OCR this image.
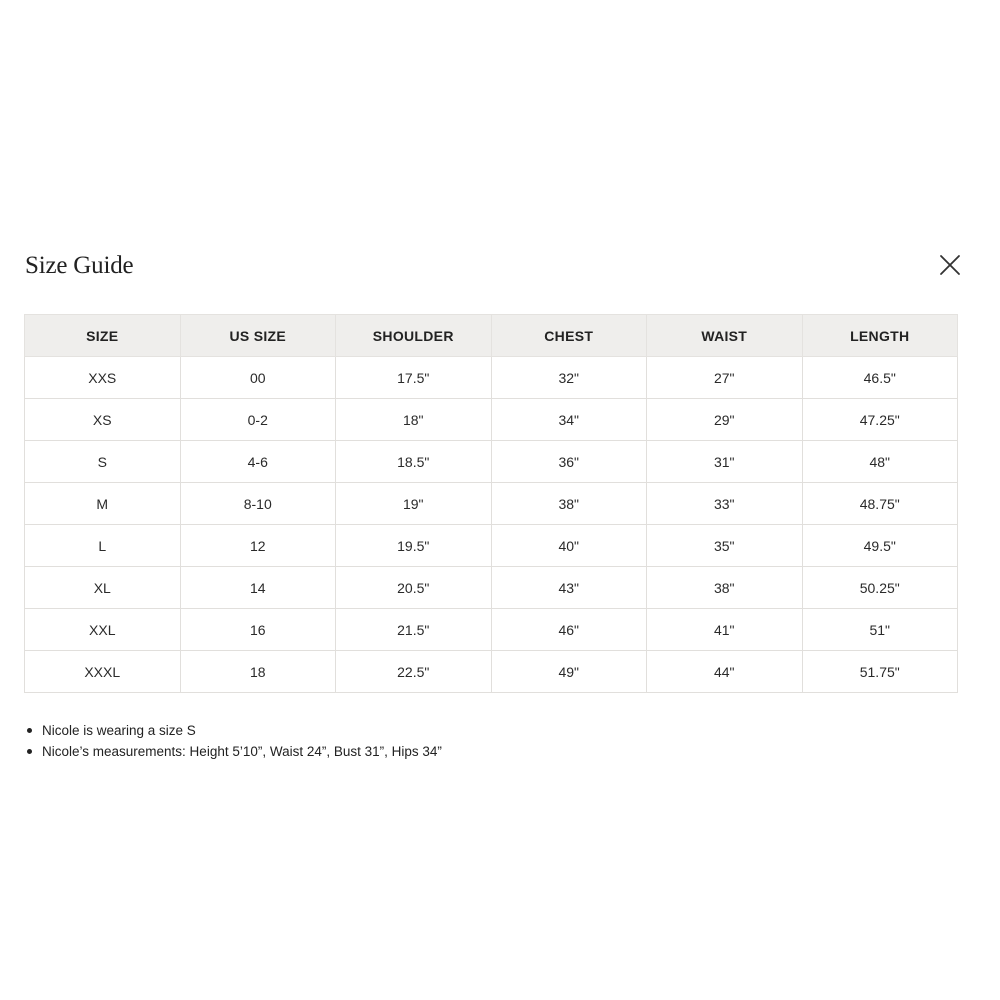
Size Guide
SIZE	US SIZE	SHOULDER	CHEST	WAIST	LENGTH
XXS	00	17.5"	32"	27"	46.5"
XS	0-2	18"	34"	29"	47.25"
S	4-6	18.5"	36"	31"	48"
M	8-10	19"	38"	33"	48.75"
L	12	19.5"	40"	35"	49.5"
XL	14	20.5"	43"	38"	50.25"
XXL	16	21.5"	46"	41"	51"
XXXL	18	22.5"	49"	44"	51.75"
Nicole is wearing a size S
Nicole’s measurements: Height 5’10”, Waist 24”, Bust 31”, Hips 34”
